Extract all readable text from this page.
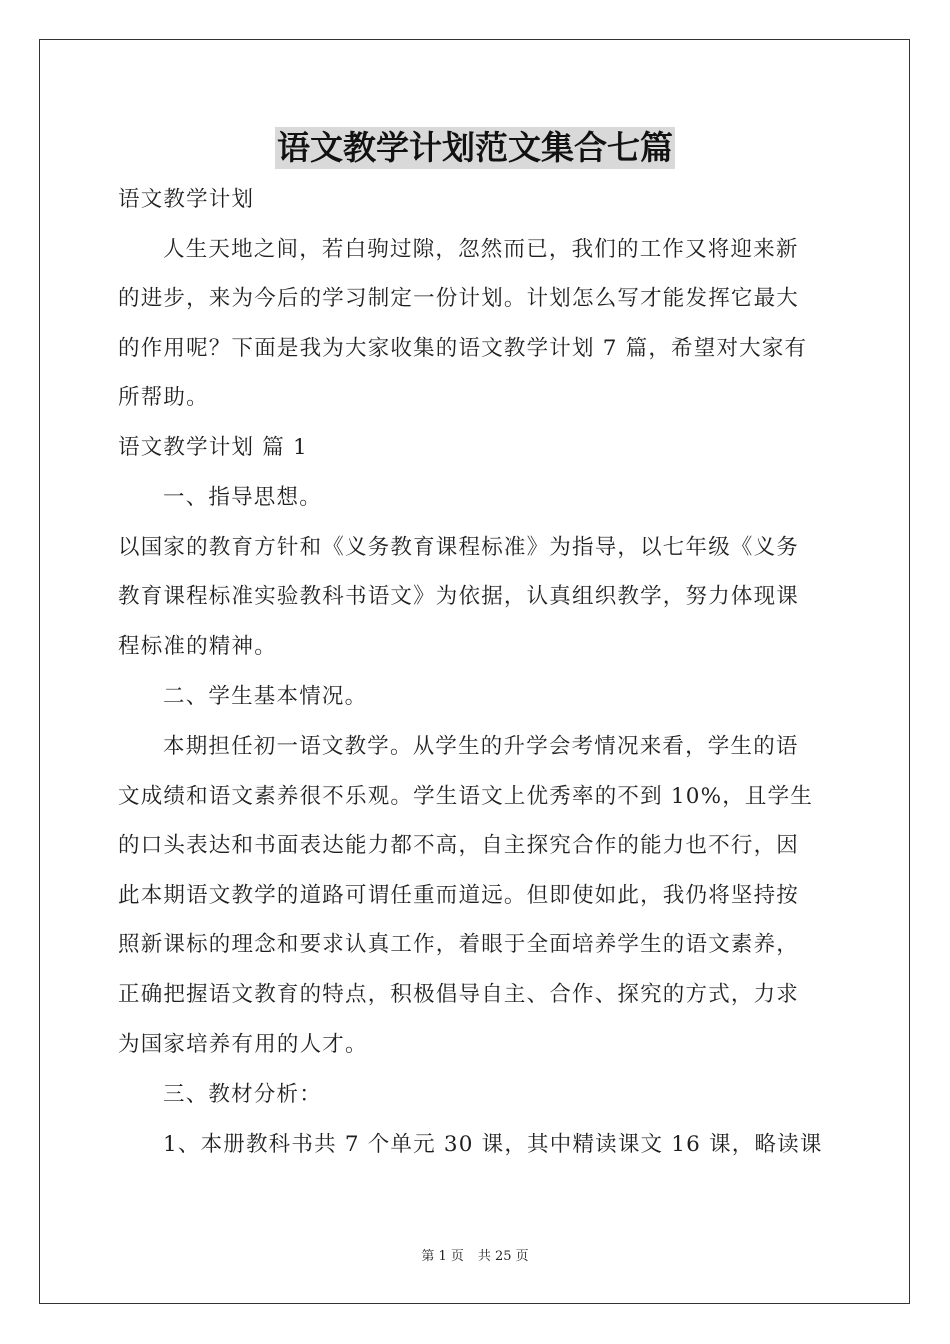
语文教学计划范文集合七篇
语文教学计划
人生天地之间，若白驹过隙，忽然而已，我们的工作又将迎来新
的进步，来为今后的学习制定一份计划。计划怎么写才能发挥它最大
的作用呢？下面是我为大家收集的语文教学计划 7 篇，希望对大家有
所帮助。
语文教学计划 篇 1
一、指导思想。
以国家的教育方针和《义务教育课程标准》为指导，以七年级《义务
教育课程标准实验教科书语文》为依据，认真组织教学，努力体现课
程标准的精神。
二、学生基本情况。
本期担任初一语文教学。从学生的升学会考情况来看，学生的语
文成绩和语文素养很不乐观。学生语文上优秀率的不到 10%，且学生
的口头表达和书面表达能力都不高，自主探究合作的能力也不行，因
此本期语文教学的道路可谓任重而道远。但即使如此，我仍将坚持按
照新课标的理念和要求认真工作，着眼于全面培养学生的语文素养，
正确把握语文教育的特点，积极倡导自主、合作、探究的方式，力求
为国家培养有用的人才。
三、教材分析：
1、本册教科书共 7 个单元 30 课，其中精读课文 16 课，略读课
第 1 页 共 25 页
